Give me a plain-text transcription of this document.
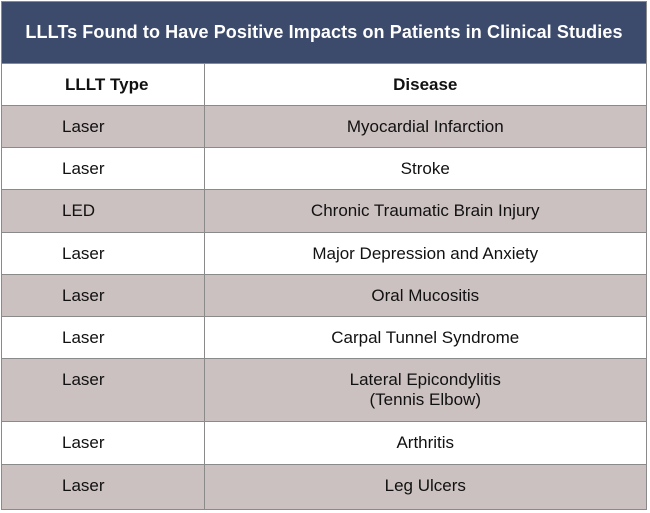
LLLTs Found to Have Positive Impacts on Patients in Clinical Studies
LLLT Type	Disease
Laser	Myocardial Infarction

Laser	Stroke

LED	Chronic Traumatic Brain Injury

Laser	Major Depression and Anxiety

Laser	Oral Mucositis

Laser	Carpal Tunnel Syndrome

Laser	Lateral Epicondylitis
(Tennis Elbow)

Laser	Arthritis

Laser	Leg Ulcers
